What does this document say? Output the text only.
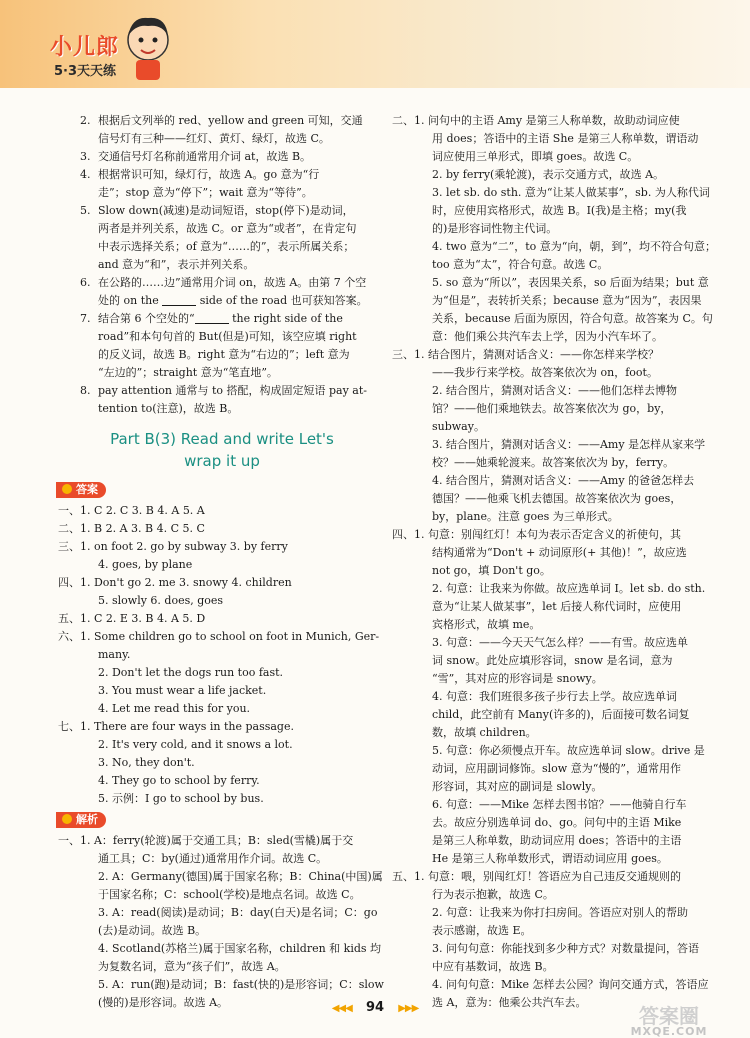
小儿郎
5·3天天练
2. 根据后文列举的 red、yellow and green 可知，交通
信号灯有三种——红灯、黄灯、绿灯，故选 C。
3. 交通信号灯名称前通常用介词 at，故选 B。
4. 根据常识可知，绿灯行，故选 A。go 意为“行
走”；stop 意为“停下”；wait 意为“等待”。
5. Slow down(减速)是动词短语，stop(停下)是动词，
两者是并列关系，故选 C。or 意为“或者”，在肯定句
中表示选择关系；of 意为“……的”，表示所属关系；
and 意为“和”，表示并列关系。
6. 在公路的……边”通常用介词 on，故选 A。由第 7 个空
处的 on the	side of the road 也可获知答案。
7. 结合第 6 个空处的“	the right side of the
road”和本句句首的 But(但是)可知，该空应填 right
的反义词，故选 B。right 意为“右边的”；left 意为
“左边的”；straight 意为“笔直地”。
8. pay attention 通常与 to 搭配，构成固定短语 pay at-
tention to(注意)，故选 B。
Part B(3) Read and write Let's
wrap it up
答案
一、1. C 2. C 3. B 4. A 5. A
二、1. B 2. A 3. B 4. C 5. C
三、1. on foot 2. go by subway 3. by ferry
4. goes, by plane
四、1. Don't go 2. me 3. snowy 4. children
5. slowly 6. does, goes
五、1. C 2. E 3. B 4. A 5. D
六、1. Some children go to school on foot in Munich, Ger-
many.
2. Don't let the dogs run too fast.
3. You must wear a life jacket.
4. Let me read this for you.
七、1. There are four ways in the passage.
2. It's very cold, and it snows a lot.
3. No, they don't.
4. They go to school by ferry.
5. 示例：I go to school by bus.
解析
一、1. A：ferry(轮渡)属于交通工具；B：sled(雪橇)属于交
通工具；C：by(通过)通常用作介词。故选 C。
2. A：Germany(德国)属于国家名称；B：China(中国)属
于国家名称；C：school(学校)是地点名词。故选 C。
3. A：read(阅读)是动词；B：day(白天)是名词；C：go
(去)是动词。故选 B。
4. Scotland(苏格兰)属于国家名称，children 和 kids 均
为复数名词，意为“孩子们”，故选 A。
5. A：run(跑)是动词；B：fast(快的)是形容词；C：slow
(慢的)是形容词。故选 A。
二、1. 问句中的主语 Amy 是第三人称单数，故助动词应使
用 does；答语中的主语 She 是第三人称单数，谓语动
词应使用三单形式，即填 goes。故选 C。
2. by ferry(乘轮渡)，表示交通方式，故选 A。
3. let sb. do sth. 意为“让某人做某事”，sb. 为人称代词
时，应使用宾格形式，故选 B。I(我)是主格；my(我
的)是形容词性物主代词。
4. two 意为“二”，to 意为“向，朝，到”，均不符合句意；
too 意为“太”，符合句意。故选 C。
5. so 意为“所以”，表因果关系，so 后面为结果；but 意
为“但是”，表转折关系；because 意为“因为”，表因果
关系，because 后面为原因，符合句意。故答案为 C。句
意：他们乘公共汽车去上学，因为小汽车坏了。
三、1. 结合图片，猜测对话含义：——你怎样来学校？
——我步行来学校。故答案依次为 on，foot。
2. 结合图片，猜测对话含义：——他们怎样去博物
馆？——他们乘地铁去。故答案依次为 go，by，
subway。
3. 结合图片，猜测对话含义：——Amy 是怎样从家来学
校？——她乘轮渡来。故答案依次为 by，ferry。
4. 结合图片，猜测对话含义：——Amy 的爸爸怎样去
德国？——他乘飞机去德国。故答案依次为 goes，
by，plane。注意 goes 为三单形式。
四、1. 句意：别闯红灯！本句为表示否定含义的祈使句，其
结构通常为“Don't + 动词原形(+ 其他)！”，故应选
not go，填 Don't go。
2. 句意：让我来为你做。故应选单词 I。let sb. do sth.
意为“让某人做某事”，let 后接人称代词时，应使用
宾格形式，故填 me。
3. 句意：——今天天气怎么样？——有雪。故应选单
词 snow。此处应填形容词，snow 是名词，意为
“雪”，其对应的形容词是 snowy。
4. 句意：我们班很多孩子步行去上学。故应选单词
child，此空前有 Many(许多的)，后面接可数名词复
数，故填 children。
5. 句意：你必须慢点开车。故应选单词 slow。drive 是
动词，应用副词修饰。slow 意为“慢的”，通常用作
形容词，其对应的副词是 slowly。
6. 句意：——Mike 怎样去图书馆？——他骑自行车
去。故应分别选单词 do、go。问句中的主语 Mike
是第三人称单数，助动词应用 does；答语中的主语
He 是第三人称单数形式，谓语动词应用 goes。
五、1. 句意：喂，别闯红灯！答语应为自己违反交通规则的
行为表示抱歉，故选 C。
2. 句意：让我来为你打扫房间。答语应对别人的帮助
表示感谢，故选 E。
3. 问句句意：你能找到多少种方式？对数量提问，答语
中应有基数词，故选 B。
4. 问句句意：Mike 怎样去公园？询问交通方式，答语应
选 A，意为：他乘公共汽车去。
◀◀◀ 94 ▶▶▶	答案圈
MXQE.COM
